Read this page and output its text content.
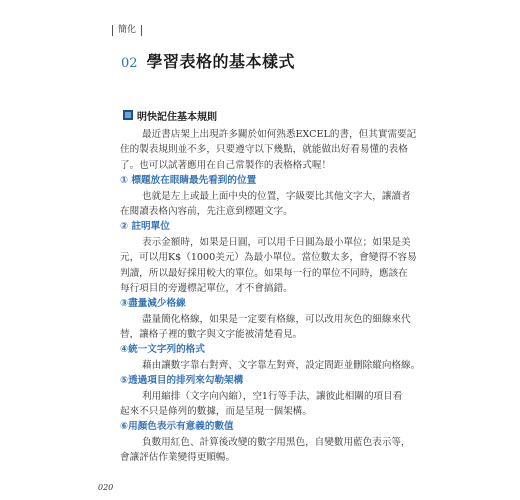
簡化
02 學習表格的基本樣式
明快記住基本規則
最近書店架上出現許多關於如何熟悉EXCEL的書，但其實需要記
住的製表規則並不多，只要遵守以下幾點，就能做出好看易懂的表格
了。也可以試著應用在自己常製作的表格格式喔！
① 標題放在眼睛最先看到的位置
也就是左上或最上面中央的位置，字級要比其他文字大，讓讀者
在閱讀表格內容前，先注意到標題文字。
② 註明單位
表示金額時，如果是日圓，可以用千日圓為最小單位；如果是美
元，可以用K$（1000美元）為最小單位。當位數太多，會變得不容易
判讀，所以最好採用較大的單位。如果每一行的單位不同時，應該在
每行項目的旁邊標記單位，才不會搞錯。
③盡量減少格線
盡量簡化格線，如果是一定要有格線，可以改用灰色的細線來代
替，讓格子裡的數字與文字能被清楚看見。
④統一文字列的格式
藉由讓數字靠右對齊、文字靠左對齊，設定間距並刪除縱向格線。
⑤透過項目的排列來勾勒架構
利用縮排（文字向內縮），空1行等手法，讓彼此相關的項目看
起來不只是條列的數據，而是呈現一個架構。
⑥用顏色表示有意義的數值
負數用紅色、計算後改變的數字用黑色，自變數用藍色表示等，
會讓評估作業變得更順暢。
020
